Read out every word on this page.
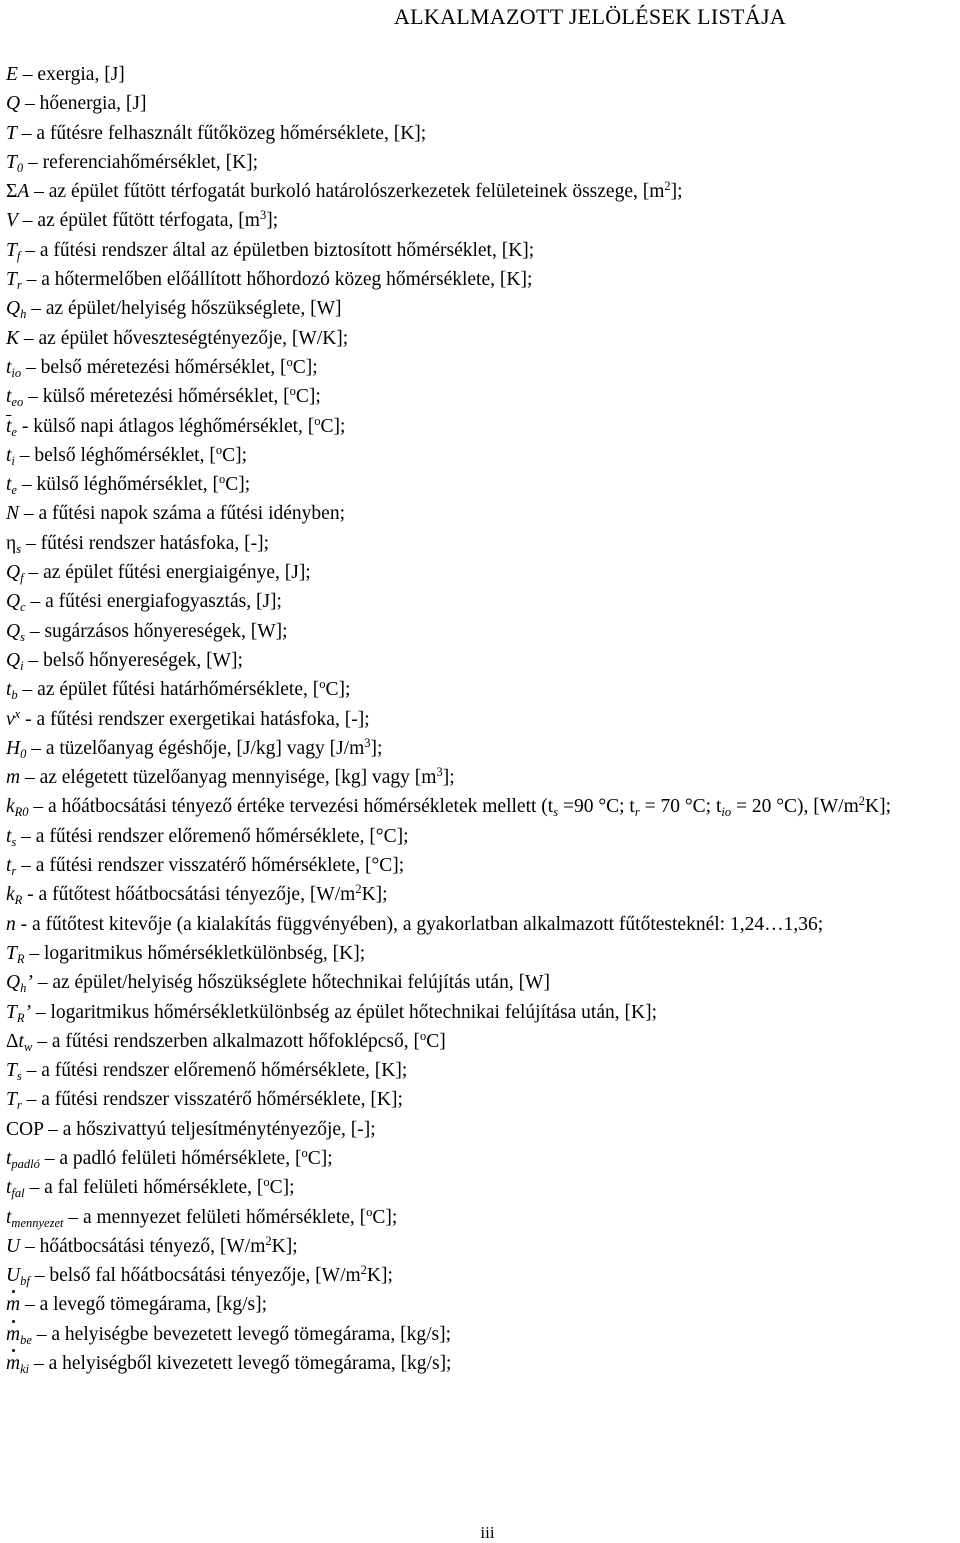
ALKALMAZOTT JELÖLÉSEK LISTÁJA
E – exergia, [J]
Q – hőenergia, [J]
T – a fűtésre felhasznált fűtőközeg hőmérséklete, [K];
$T_0$ – referenciahőmérséklet, [K];
ΣA – az épület fűtött térfogatát burkoló határolószerkezetek felületeinek összege, $[m^2]$;
V – az épület fűtött térfogata, $[m^3]$;
$T_f$ – a fűtési rendszer által az épületben biztosított hőmérséklet, [K];
$T_r$ – a hőtermelőben előállított hőhordozó közeg hőmérséklete, [K];
$Q_h$ – az épület/helyiség hőszükséglete, [W]
K – az épület hőveszteségtényezője, [W/K];
$t_{io}$ – belső méretezési hőmérséklet, [$^o$C];
$t_{eo}$ – külső méretezési hőmérséklet, [$^o$C];
$\overline{t}_e$ - külső napi átlagos léghőmérséklet, [$^o$C];
$t_i$ – belső léghőmérséklet, [$^o$C];
$t_e$ – külső léghőmérséklet, [$^o$C];
N – a fűtési napok száma a fűtési idényben;
$\eta_s$ – fűtési rendszer hatásfoka, [-];
$Q_f$ – az épület fűtési energiaigénye, [J];
$Q_c$ – a fűtési energiafogyasztás, [J];
$Q_s$ – sugárzásos hőnyereségek, [W];
$Q_i$ – belső hőnyereségek, [W];
$t_b$ – az épület fűtési határhőmérséklete, [$^o$C];
$\nu^x$ - a fűtési rendszer exergetikai hatásfoka, [-];
$H_0$ – a tüzelőanyag égéshője, [J/kg] vagy $[J/m^3]$;
m – az elégetett tüzelőanyag mennyisége, [kg] vagy $[m^3]$;
$k_{R0}$ – a hőátbocsátási tényező értéke tervezési hőmérsékletek mellett ($t_s =90$ °C; $t_r = 70$ °C; $t_{io} = 20$ °C), $[W/m^2K]$;
$t_s$ – a fűtési rendszer előremenő hőmérséklete, [°C];
$t_r$ – a fűtési rendszer visszatérő hőmérséklete, [°C];
$k_R$ - a fűtőtest hőátbocsátási tényezője, $[W/m^2K]$;
n - a fűtőtest kitevője (a kialakítás függvényében), a gyakorlatban alkalmazott fűtőtesteknél: 1,24…1,36;
$T_R$ – logaritmikus hőmérsékletkülönbség, [K];
$Q_h$’ – az épület/helyiség hőszükséglete hőtechnikai felújítás után, [W]
$T_R$’ – logaritmikus hőmérsékletkülönbség az épület hőtechnikai felújítása után, [K];
$\Delta t_w$ – a fűtési rendszerben alkalmazott hőfoklépcső, [$^o$C]
$T_s$ – a fűtési rendszer előremenő hőmérséklete, [K];
$T_r$ – a fűtési rendszer visszatérő hőmérséklete, [K];
COP – a hőszivattyú teljesítménytényezője, [-];
$t_{padló}$ – a padló felületi hőmérséklete, [$^o$C];
$t_{fal}$ – a fal felületi hőmérséklete, [$^o$C];
$t_{mennyezet}$ – a mennyezet felületi hőmérséklete, [$^o$C];
U – hőátbocsátási tényező, $[W/m^2K]$;
$U_{bf}$ – belső fal hőátbocsátási tényezője, $[W/m^2K]$;
m – a levegő tömegárama, [kg/s];
$m_{be}$ – a helyiségbe bevezetett levegő tömegárama, [kg/s];
$m_{ki}$ – a helyiségből kivezetett levegő tömegárama, [kg/s];
iii
